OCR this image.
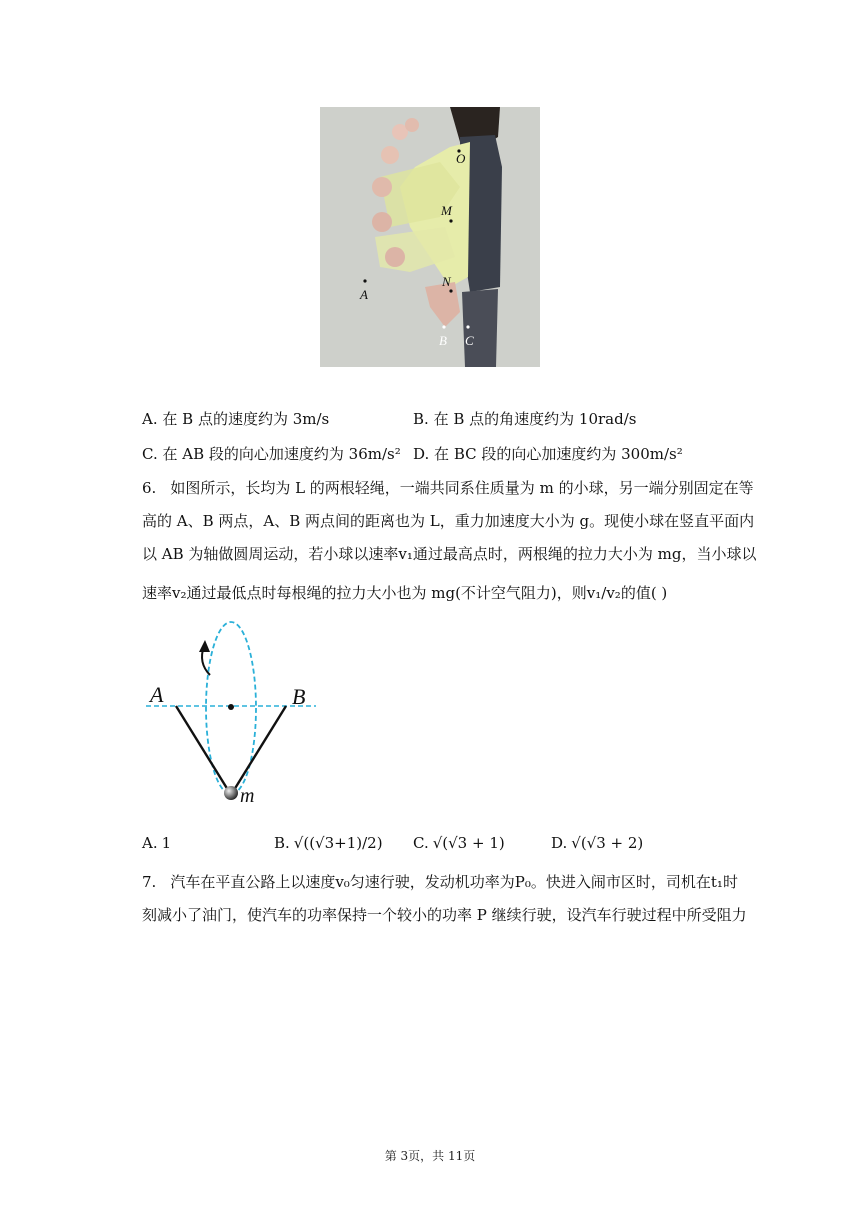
O
M
N
A
B C
A. 在 B 点的速度约为 3m/s	B. 在 B 点的角速度约为 10rad/s
C. 在 AB 段的向心加速度约为 36m/s² D. 在 BC 段的向心加速度约为 300m/s²
6. 如图所示，长均为 L 的两根轻绳，一端共同系住质量为 m 的小球，另一端分别固定在等
高的 A、B 两点，A、B 两点间的距离也为 L，重力加速度大小为 g。现使小球在竖直平面内
以 AB 为轴做圆周运动，若小球以速率v₁通过最高点时，两根绳的拉力大小为 mg，当小球以
速率v₂通过最低点时每根绳的拉力大小也为 mg(不计空气阻力)，则v₁/v₂的值( )
A	B
m
A. 1	B. √((√3+1)/2) C. √(√3 + 1)	D. √(√3 + 2)
7. 汽车在平直公路上以速度v₀匀速行驶，发动机功率为P₀。快进入闹市区时，司机在t₁时
刻减小了油门，使汽车的功率保持一个较小的功率 P 继续行驶，设汽车行驶过程中所受阻力
第 3页，共 11页
